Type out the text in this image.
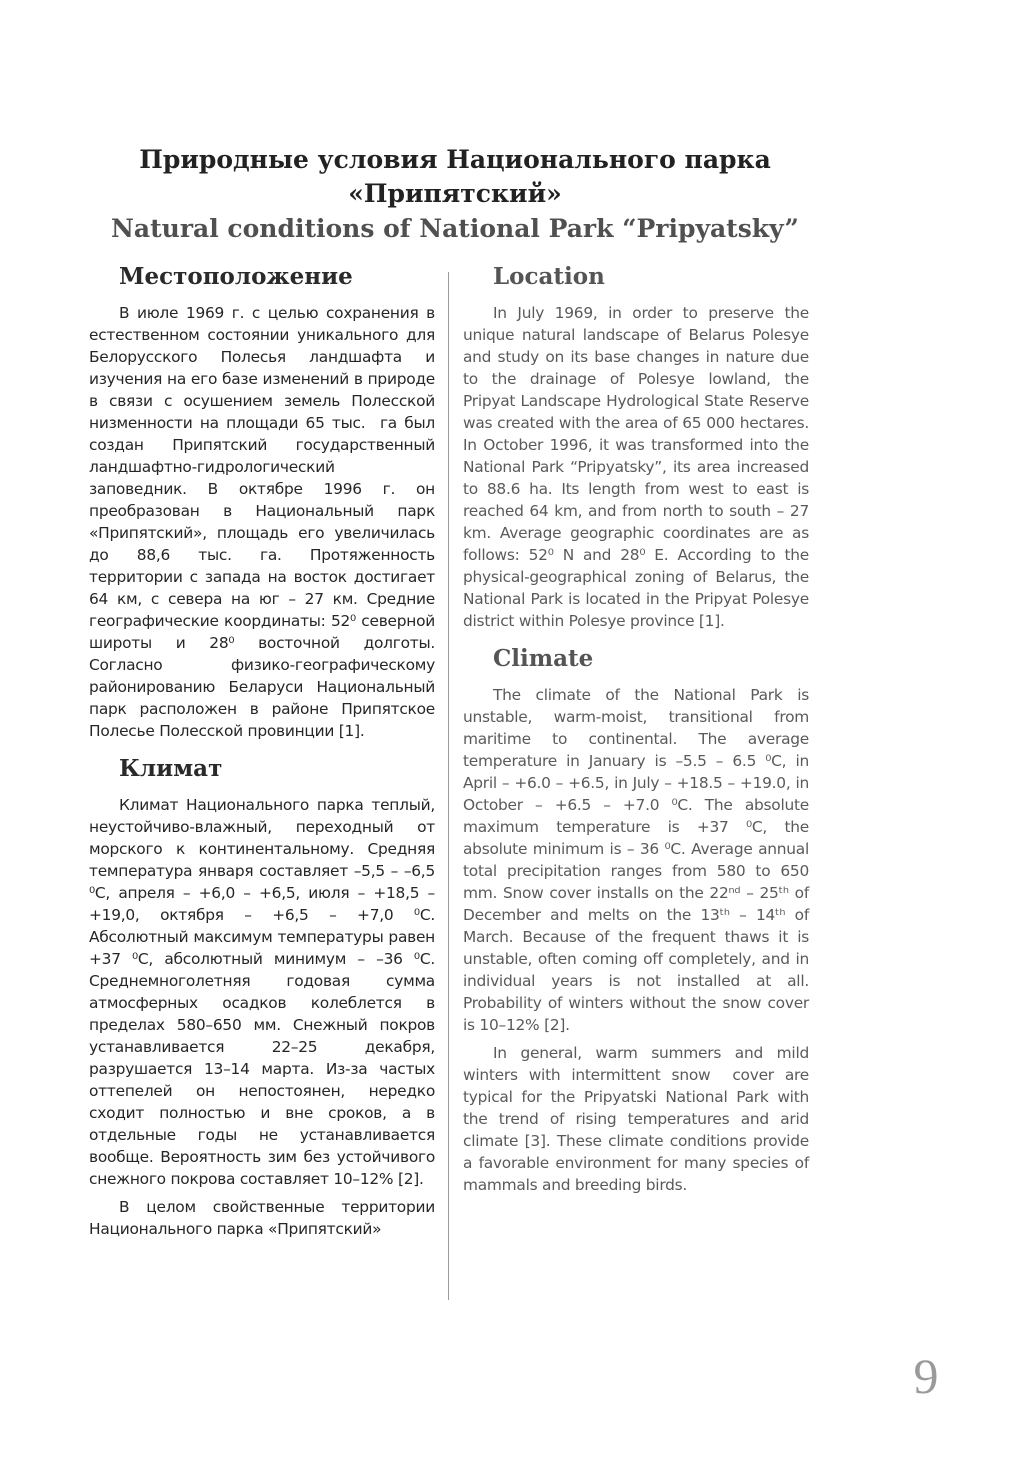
Природные условия Национального парка
«Припятский»
Natural conditions of National Park “Pripyatsky”
Местоположение

В июле 1969 г. с целью сохранения в естественном состоянии уникального для Белорусского Полесья ландшафта и изучения на его базе изменений в природе в связи с осушением земель Полесской низменности на площади 65 тыс.  га был создан Припятский государственный ландшафтно-гидрологический заповедник. В октябре 1996 г. он преобразован в Национальный парк «Припятский», площадь его увеличилась до 88,6 тыс. га. Протяженность территории с запада на восток достигает 64 км, с севера на юг – 27 км. Средние географические координаты: 52⁰ северной широты и 28⁰ восточной долготы. Согласно физико-географическому районированию Беларуси Национальный парк расположен в районе Припятское Полесье Полесской провинции [1].

Климат

Климат Национального парка теплый, неустойчиво-влажный, переходный от морского к континентальному. Средняя температура января составляет –5,5 – –6,5 ⁰С, апреля – +6,0 – +6,5, июля – +18,5 – +19,0, октября – +6,5 – +7,0 ⁰С. Абсолютный максимум температуры равен +37 ⁰С, абсолютный минимум – –36 ⁰С. Среднемноголетняя годовая сумма атмосферных осадков колеблется в пределах 580–650 мм. Снежный покров устанавливается 22–25 декабря, разрушается 13–14 марта. Из-за частых оттепелей он непостоянен, нередко сходит полностью и вне сроков, а в отдельные годы не устанавливается вообще. Вероятность зим без устойчивого снежного покрова составляет 10–12% [2].

В целом свойственные территории Национального парка «Припятский»

Location

In July 1969, in order to preserve the unique natural landscape of Belarus Polesye and study on its base changes in nature due to the drainage of Polesye lowland, the Pripyat Landscape Hydrological State Reserve was created with the area of 65 000 hectares. In October 1996, it was transformed into the National Park “Pripyatsky”, its area increased to 88.6 ha. Its length from west to east is reached 64 km, and from north to south – 27 km. Average geographic coordinates are as follows: 52⁰ N and 28⁰ E. According to the physical-geographical zoning of Belarus, the National Park is located in the Pripyat Polesye district within Polesye province [1].

Climate

The climate of the National Park is unstable, warm-moist, transitional from maritime to continental. The average temperature in January is –5.5 – 6.5 ⁰C, in April – +6.0 – +6.5, in July – +18.5 – +19.0, in October – +6.5 – +7.0 ⁰C. The absolute maximum temperature is +37 ⁰C, the absolute minimum is – 36 ⁰C. Average annual total precipitation ranges from 580 to 650 mm. Snow cover installs on the 22ⁿᵈ – 25ᵗʰ of December and melts on the 13ᵗʰ – 14ᵗʰ of March. Because of the frequent thaws it is unstable, often coming off completely, and in individual years is not installed at all. Probability of winters without the snow cover is 10–12% [2].

In general, warm summers and mild winters with intermittent snow  cover are typical for the Pripyatski National Park with the trend of rising temperatures and arid climate [3]. These climate conditions provide a favorable environment for many species of mammals and breeding birds.

9
